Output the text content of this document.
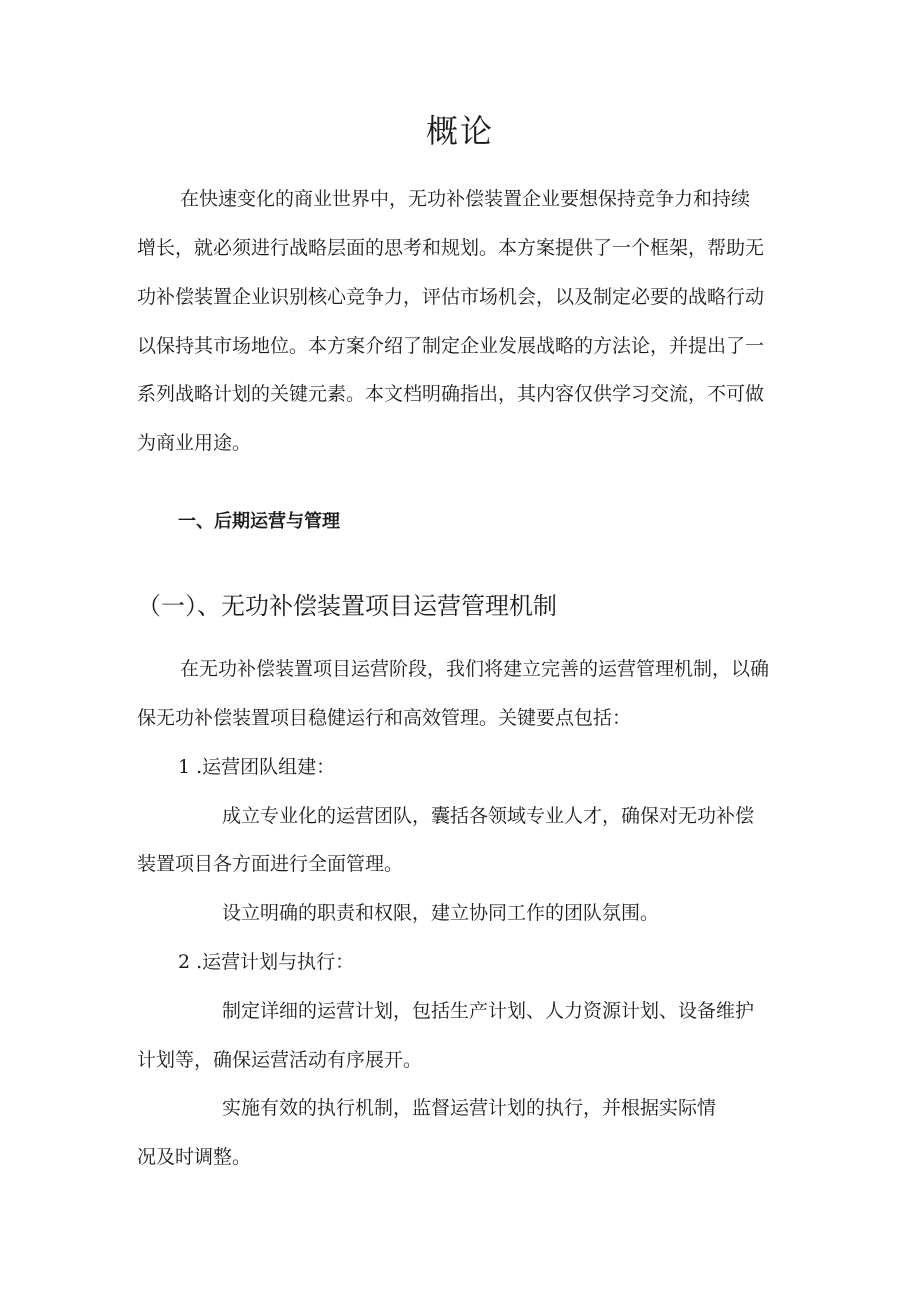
概论
在快速变化的商业世界中，无功补偿装置企业要想保持竞争力和持续
增长，就必须进行战略层面的思考和规划。本方案提供了一个框架，帮助无
功补偿装置企业识别核心竞争力，评估市场机会，以及制定必要的战略行动
以保持其市场地位。本方案介绍了制定企业发展战略的方法论，并提出了一
系列战略计划的关键元素。本文档明确指出，其内容仅供学习交流，不可做
为商业用途。
一、后期运营与管理
（一）、无功补偿装置项目运营管理机制
在无功补偿装置项目运营阶段，我们将建立完善的运营管理机制，以确
保无功补偿装置项目稳健运行和高效管理。关键要点包括：
1 .运营团队组建：
成立专业化的运营团队，囊括各领域专业人才，确保对无功补偿
装置项目各方面进行全面管理。
设立明确的职责和权限，建立协同工作的团队氛围。
2 .运营计划与执行：
制定详细的运营计划，包括生产计划、人力资源计划、设备维护
计划等，确保运营活动有序展开。
实施有效的执行机制，监督运营计划的执行，并根据实际情
况及时调整。
